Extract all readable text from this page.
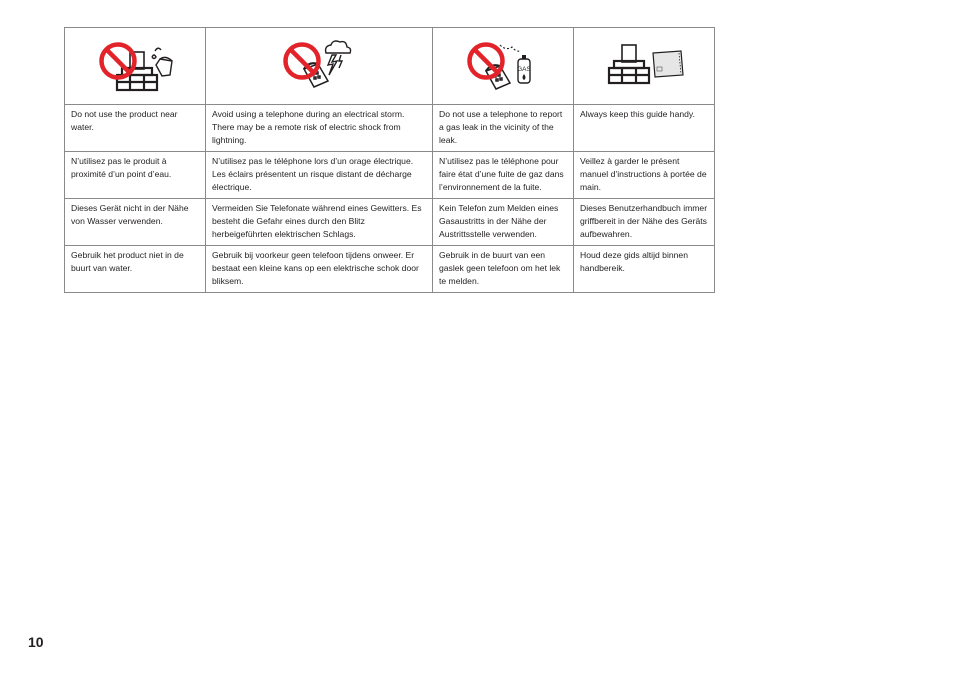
GAS

Do not use the product near water.	Avoid using a telephone during an electrical storm. There may be a remote risk of electric shock from lightning.	Do not use a telephone to report a gas leak in the vicinity of the leak.	Always keep this guide handy.
N’utilisez pas le produit à proximité d’un point d’eau.	N’utilisez pas le téléphone lors d’un orage électrique. Les éclairs présentent un risque distant de décharge électrique.	N’utilisez pas le téléphone pour faire état d’une fuite de gaz dans l’environnement de la fuite.	Veillez à garder le présent manuel d’instructions à portée de main.
Dieses Gerät nicht in der Nähe von Wasser verwenden.	Vermeiden Sie Telefonate während eines Gewitters. Es besteht die Gefahr eines durch den Blitz herbeigeführten elektrischen Schlags.	Kein Telefon zum Melden eines Gasaustritts in der Nähe der Austrittsstelle verwenden.	Dieses Benutzerhandbuch immer griffbereit in der Nähe des Geräts aufbewahren.
Gebruik het product niet in de buurt van water.	Gebruik bij voorkeur geen telefoon tijdens onweer. Er bestaat een kleine kans op een elektrische schok door bliksem.	Gebruik in de buurt van een gaslek geen telefoon om het lek te melden.	Houd deze gids altijd binnen handbereik.
10
